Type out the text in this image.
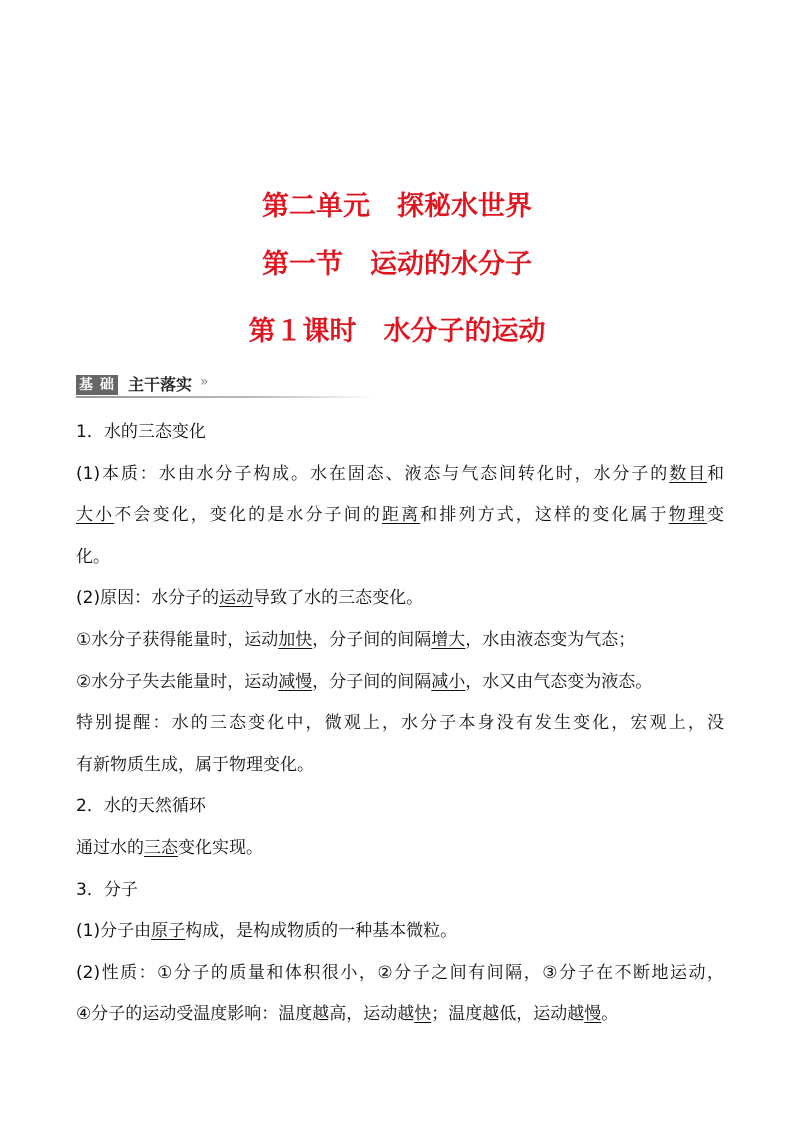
第二单元　探秘水世界
第一节　运动的水分子
第１课时　水分子的运动
基 础 主干落实 »
1．水的三态变化
(1)本质：水由水分子构成。水在固态、液态与气态间转化时，水分子的数目和
大小不会变化，变化的是水分子间的距离和排列方式，这样的变化属于物理变
化。
(2)原因：水分子的运动导致了水的三态变化。
①水分子获得能量时，运动加快，分子间的间隔增大，水由液态变为气态；
②水分子失去能量时，运动减慢，分子间的间隔减小，水又由气态变为液态。
特别提醒：水的三态变化中，微观上，水分子本身没有发生变化，宏观上，没
有新物质生成，属于物理变化。
2．水的天然循环
通过水的三态变化实现。
3．分子
(1)分子由原子构成，是构成物质的一种基本微粒。
(2)性质：①分子的质量和体积很小，②分子之间有间隔，③分子在不断地运动，
④分子的运动受温度影响：温度越高，运动越快；温度越低，运动越慢。
